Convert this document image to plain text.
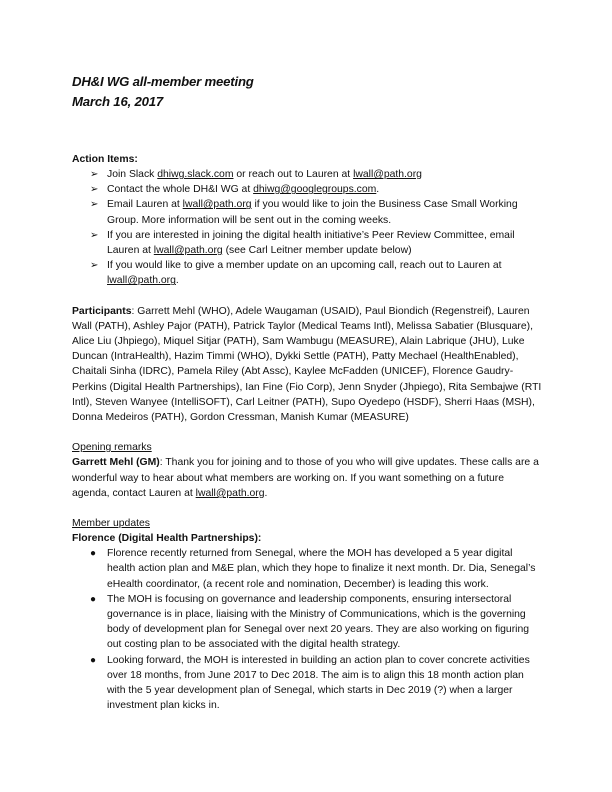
DH&I WG all-member meeting

March 16, 2017

Action Items:

➢ Join Slack dhiwg.slack.com or reach out to Lauren at lwall@path.org
➢ Contact the whole DH&I WG at dhiwg@googlegroups.com.
➢ Email Lauren at lwall@path.org if you would like to join the Business Case Small Working Group. More information will be sent out in the coming weeks.
➢ If you are interested in joining the digital health initiative’s Peer Review Committee, email Lauren at lwall@path.org (see Carl Leitner member update below)
➢ If you would like to give a member update on an upcoming call, reach out to Lauren at lwall@path.org.

Participants: Garrett Mehl (WHO), Adele Waugaman (USAID), Paul Biondich (Regenstreif), Lauren Wall (PATH), Ashley Pajor (PATH), Patrick Taylor (Medical Teams Intl), Melissa Sabatier (Blusquare), Alice Liu (Jhpiego), Miquel Sitjar (PATH), Sam Wambugu (MEASURE), Alain Labrique (JHU), Luke Duncan (IntraHealth), Hazim Timmi (WHO), Dykki Settle (PATH), Patty Mechael (HealthEnabled), Chaitali Sinha (IDRC), Pamela Riley (Abt Assc), Kaylee McFadden (UNICEF), Florence Gaudry-Perkins (Digital Health Partnerships), Ian Fine (Fio Corp), Jenn Snyder (Jhpiego), Rita Sembajwe (RTI Intl), Steven Wanyee (IntelliSOFT), Carl Leitner (PATH), Supo Oyedepo (HSDF), Sherri Haas (MSH), Donna Medeiros (PATH), Gordon Cressman, Manish Kumar (MEASURE)

Opening remarks

Garrett Mehl (GM): Thank you for joining and to those of you who will give updates. These calls are a wonderful way to hear about what members are working on. If you want something on a future agenda, contact Lauren at lwall@path.org.

Member updates

Florence (Digital Health Partnerships):

● Florence recently returned from Senegal, where the MOH has developed a 5 year digital health action plan and M&E plan, which they hope to finalize it next month. Dr. Dia, Senegal’s eHealth coordinator, (a recent role and nomination, December) is leading this work.
● The MOH is focusing on governance and leadership components, ensuring intersectoral governance is in place, liaising with the Ministry of Communications, which is the governing body of development plan for Senegal over next 20 years. They are also working on figuring out costing plan to be associated with the digital health strategy.
● Looking forward, the MOH is interested in building an action plan to cover concrete activities over 18 months, from June 2017 to Dec 2018. The aim is to align this 18 month action plan with the 5 year development plan of Senegal, which starts in Dec 2019 (?) when a larger investment plan kicks in.
